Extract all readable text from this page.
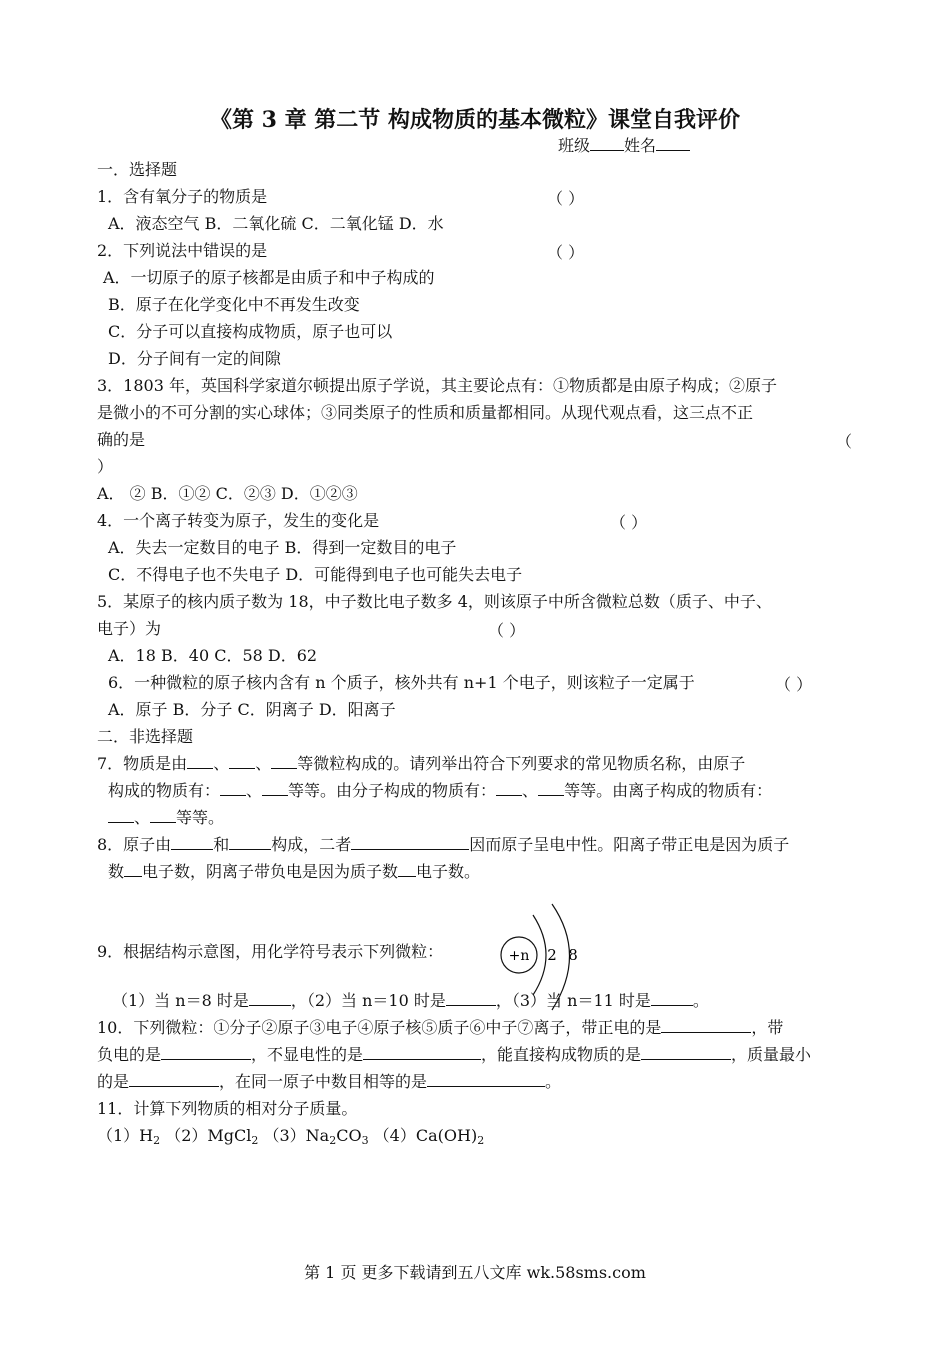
《第 3 章 第二节 构成物质的基本微粒》课堂自我评价
班级 姓名
一．选择题
1．含有氧分子的物质是	（ ）
A．液态空气 B．二氧化硫 C．二氧化锰 D．水
2．下列说法中错误的是	（ ）
A．一切原子的原子核都是由质子和中子构成的
B．原子在化学变化中不再发生改变
C．分子可以直接构成物质，原子也可以
D．分子间有一定的间隙
3．1803 年，英国科学家道尔顿提出原子学说，其主要论点有：①物质都是由原子构成；②原子
是微小的不可分割的实心球体；③同类原子的性质和质量都相同。从现代观点看，这三点不正
确的是	（
）
A． ② B．①② C．②③ D．①②③
4．一个离子转变为原子，发生的变化是	（ ）
A．失去一定数目的电子 B．得到一定数目的电子
C．不得电子也不失电子 D．可能得到电子也可能失去电子
5．某原子的核内质子数为 18，中子数比电子数多 4，则该原子中所含微粒总数（质子、中子、
电子）为	（ ）
A．18 B．40 C．58 D．62
6．一种微粒的原子核内含有 n 个质子，核外共有 n+1 个电子，则该粒子一定属于	（ ）
A．原子 B．分子 C．阴离子 D．阳离子
二．非选择题
7．物质是由 、 、 等微粒构成的。请列举出符合下列要求的常见物质名称，由原子
构成的物质有： 、 等等。由分子构成的物质有： 、 等等。由离子构成的物质有：
、 等等。
8．原子由	和	构成，二者	因而原子呈电中性。阳离子带正电是因为质子
数 电子数，阴离子带负电是因为质子数 电子数。
9．根据结构示意图，用化学符号表示下列微粒：	+n 2 8
（1）当 n＝8 时是	，（2）当 n＝10 时是	，（3）当 n＝11 时是	。
10．下列微粒：①分子②原子③电子④原子核⑤质子⑥中子⑦离子，带正电的是	，带
负电的是	，不显电性的是	，能直接构成物质的是	，质量最小
的是	，在同一原子中数目相等的是	。
11．计算下列物质的相对分子质量。
$(1)H_2$ （2）MgCl$_2$ $(3)Na_2CO_3$ $(4)Ca(OH)_2$
第 1 页 更多下载请到五八文库 wk.58sms.com
